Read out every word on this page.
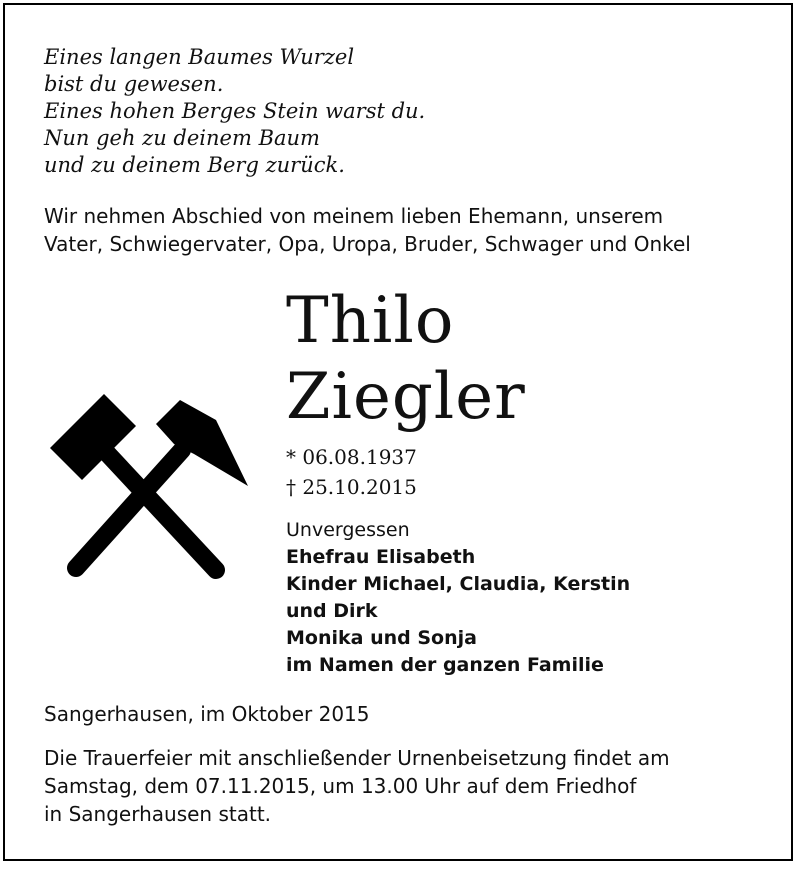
Eines langen Baumes Wurzel
bist du gewesen.
Eines hohen Berges Stein warst du.
Nun geh zu deinem Baum
und zu deinem Berg zurück.
Wir nehmen Abschied von meinem lieben Ehemann, unserem
Vater, Schwiegervater, Opa, Uropa, Bruder, Schwager und Onkel
Thilo
Ziegler
* 06.08.1937
† 25.10.2015
Unvergessen
Ehefrau Elisabeth
Kinder Michael, Claudia, Kerstin
und Dirk
Monika und Sonja
im Namen der ganzen Familie
Sangerhausen, im Oktober 2015
Die Trauerfeier mit anschließender Urnenbeisetzung findet am
Samstag, dem 07.11.2015, um 13.00 Uhr auf dem Friedhof
in Sangerhausen statt.
